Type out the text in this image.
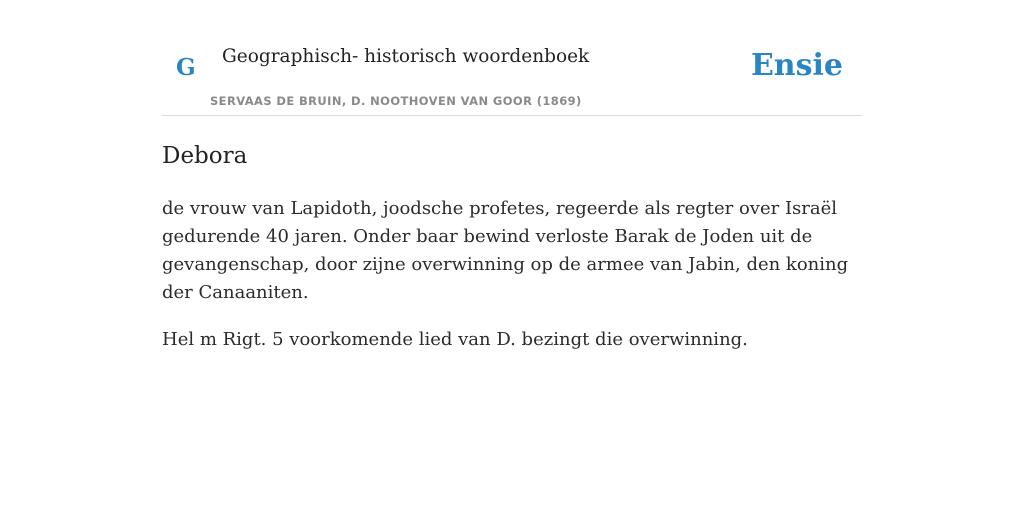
G Geographisch- historisch woordenboek
SERVAAS DE BRUIN, D. NOOTHOVEN VAN GOOR (1869)
Ensie
Debora

de vrouw van Lapidoth, joodsche profetes, regeerde als regter over Israël gedurende 40 jaren. Onder baar bewind verloste Barak de Joden uit de gevangenschap, door zijne overwinning op de armee van Jabin, den koning der Canaaniten.

Hel m Rigt. 5 voorkomende lied van D. bezingt die overwinning.
